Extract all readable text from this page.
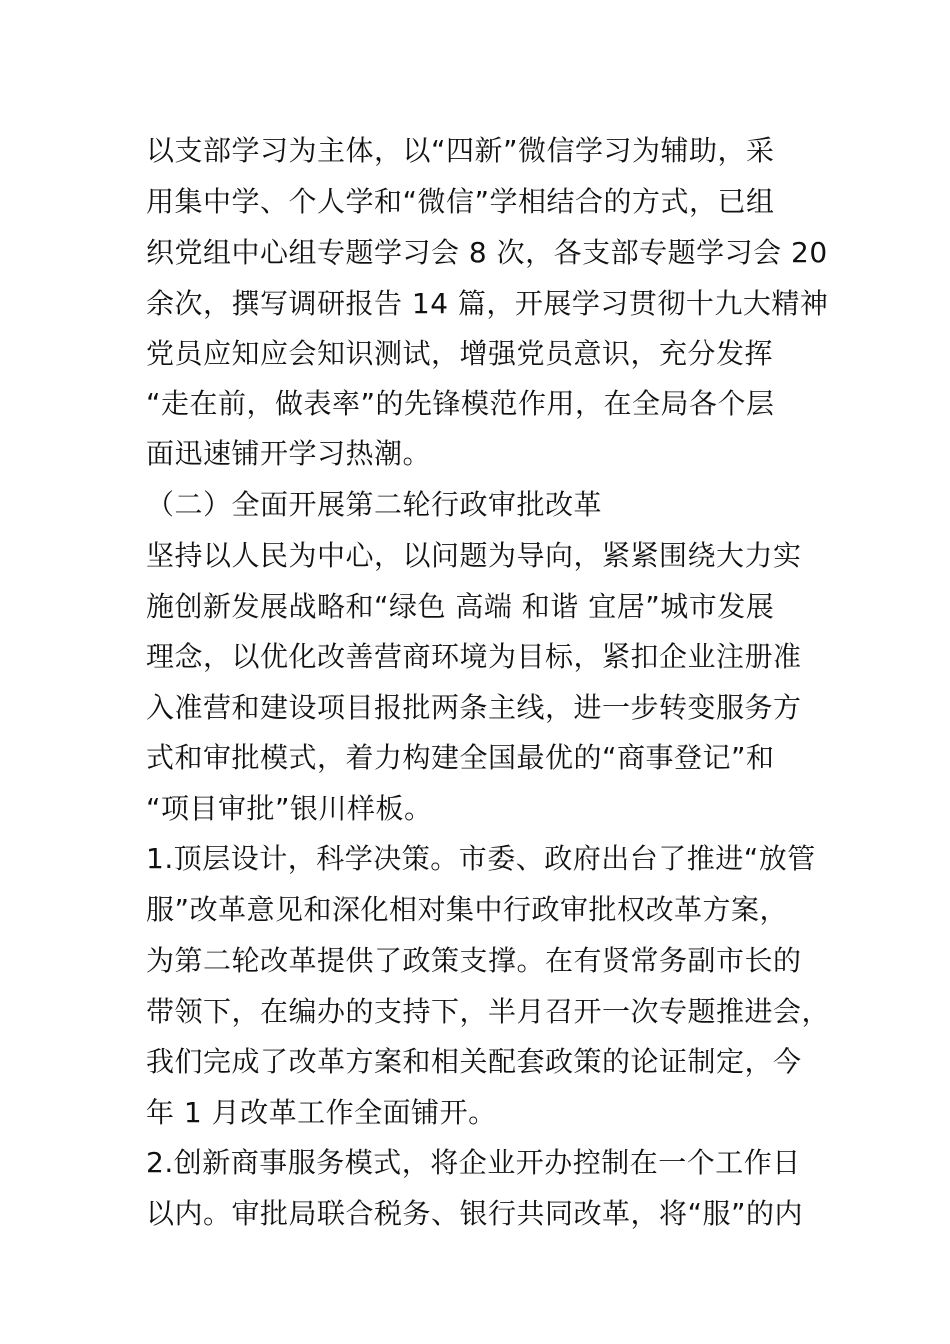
以支部学习为主体，以“四新”微信学习为辅助，采
用集中学、个人学和“微信”学相结合的方式，已组
织党组中心组专题学习会 8 次，各支部专题学习会 20
余次，撰写调研报告 14 篇，开展学习贯彻十九大精神
党员应知应会知识测试，增强党员意识，充分发挥
“走在前，做表率”的先锋模范作用，在全局各个层
面迅速铺开学习热潮。
（二）全面开展第二轮行政审批改革
坚持以人民为中心，以问题为导向，紧紧围绕大力实
施创新发展战略和“绿色 高端 和谐 宜居”城市发展
理念，以优化改善营商环境为目标，紧扣企业注册准
入准营和建设项目报批两条主线，进一步转变服务方
式和审批模式，着力构建全国最优的“商事登记”和
“项目审批”银川样板。
1.顶层设计，科学决策。市委、政府出台了推进“放管
服”改革意见和深化相对集中行政审批权改革方案，
为第二轮改革提供了政策支撑。在有贤常务副市长的
带领下，在编办的支持下，半月召开一次专题推进会，
我们完成了改革方案和相关配套政策的论证制定，今
年 1 月改革工作全面铺开。
2.创新商事服务模式，将企业开办控制在一个工作日
以内。审批局联合税务、银行共同改革，将“服”的内
